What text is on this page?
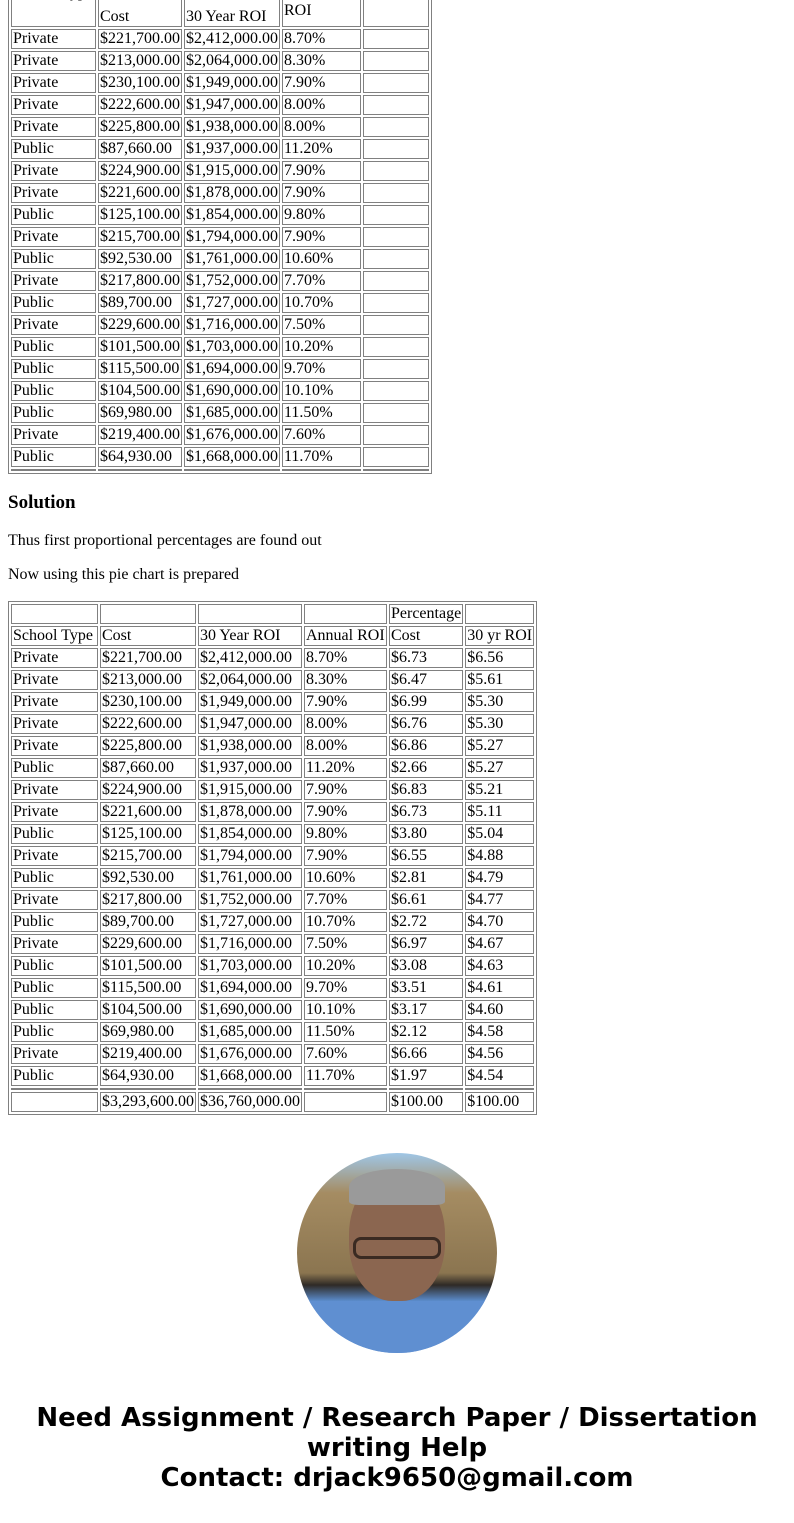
	Cost	30 Year ROI	ROI	
Private	$221,700.00	$2,412,000.00	8.70%	
Private	$213,000.00	$2,064,000.00	8.30%	
Private	$230,100.00	$1,949,000.00	7.90%	
Private	$222,600.00	$1,947,000.00	8.00%	
Private	$225,800.00	$1,938,000.00	8.00%	
Public	$87,660.00	$1,937,000.00	11.20%	
Private	$224,900.00	$1,915,000.00	7.90%	
Private	$221,600.00	$1,878,000.00	7.90%	
Public	$125,100.00	$1,854,000.00	9.80%	
Private	$215,700.00	$1,794,000.00	7.90%	
Public	$92,530.00	$1,761,000.00	10.60%	
Private	$217,800.00	$1,752,000.00	7.70%	
Public	$89,700.00	$1,727,000.00	10.70%	
Private	$229,600.00	$1,716,000.00	7.50%	
Public	$101,500.00	$1,703,000.00	10.20%	
Public	$115,500.00	$1,694,000.00	9.70%	
Public	$104,500.00	$1,690,000.00	10.10%	
Public	$69,980.00	$1,685,000.00	11.50%	
Private	$219,400.00	$1,676,000.00	7.60%	
Public	$64,930.00	$1,668,000.00	11.70%	

Solution

Thus first proportional percentages are found out

Now using this pie chart is prepared

				Percentage	
School Type	Cost	30 Year ROI	Annual ROI	Cost	30 yr ROI
Private	$221,700.00	$2,412,000.00	8.70%	$6.73	$6.56
Private	$213,000.00	$2,064,000.00	8.30%	$6.47	$5.61
Private	$230,100.00	$1,949,000.00	7.90%	$6.99	$5.30
Private	$222,600.00	$1,947,000.00	8.00%	$6.76	$5.30
Private	$225,800.00	$1,938,000.00	8.00%	$6.86	$5.27
Public	$87,660.00	$1,937,000.00	11.20%	$2.66	$5.27
Private	$224,900.00	$1,915,000.00	7.90%	$6.83	$5.21
Private	$221,600.00	$1,878,000.00	7.90%	$6.73	$5.11
Public	$125,100.00	$1,854,000.00	9.80%	$3.80	$5.04
Private	$215,700.00	$1,794,000.00	7.90%	$6.55	$4.88
Public	$92,530.00	$1,761,000.00	10.60%	$2.81	$4.79
Private	$217,800.00	$1,752,000.00	7.70%	$6.61	$4.77
Public	$89,700.00	$1,727,000.00	10.70%	$2.72	$4.70
Private	$229,600.00	$1,716,000.00	7.50%	$6.97	$4.67
Public	$101,500.00	$1,703,000.00	10.20%	$3.08	$4.63
Public	$115,500.00	$1,694,000.00	9.70%	$3.51	$4.61
Public	$104,500.00	$1,690,000.00	10.10%	$3.17	$4.60
Public	$69,980.00	$1,685,000.00	11.50%	$2.12	$4.58
Private	$219,400.00	$1,676,000.00	7.60%	$6.66	$4.56
Public	$64,930.00	$1,668,000.00	11.70%	$1.97	$4.54

	$3,293,600.00	$36,760,000.00		$100.00	$100.00
Need Assignment / Research Paper / Dissertation
writing Help
Contact: drjack9650@gmail.com
